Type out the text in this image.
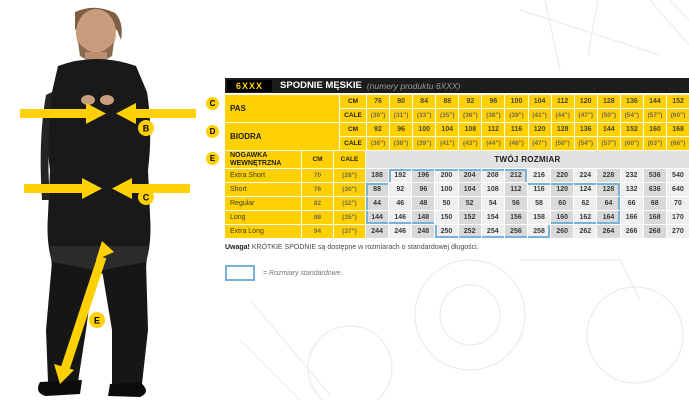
B
C
E
C
D
E
6XXX	SPODNIE MĘSKIE (numery produktu 6XXX)
PAS
CM	76	80	84	88	92	96	100	104	112	120	128	136	144	152
CALE	(30")	(31")	(33")	(35")	(36")	(38")	(39")	(41")	(44")	(47")	(50")	(54")	(57")	(60")
BIODRA
CM	92	96	100	104	108	112	116	120	128	136	144	152	160	168
CALE	(36")	(38")	(39")	(41")	(43")	(44")	(46")	(47")	(50")	(54")	(57")	(60")	(63")	(66")
NOGAWKA WEWNĘTRZNA	CM	CALE	TWÓJ ROZMIAR
Extra Short	70	(28")	188	192	196	200	204	208	212	216	220	224	228	232	536	540
Short	76	(30")	88	92	96	100	104	108	112	116	120	124	128	132	636	640
Regular	82	(32")	44	46	48	50	52	54	56	58	60	62	64	66	68	70
Long	88	(35")	144	146	148	150	152	154	156	158	160	162	164	166	168	170
Extra Long	94	(37")	244	246	248	250	252	254	256	258	260	262	264	266	268	270
Uwaga! KRÓTKIE SPODNIE są dostępne w rozmiarach o standardowej długości.
= Rozmiary standardowe.
